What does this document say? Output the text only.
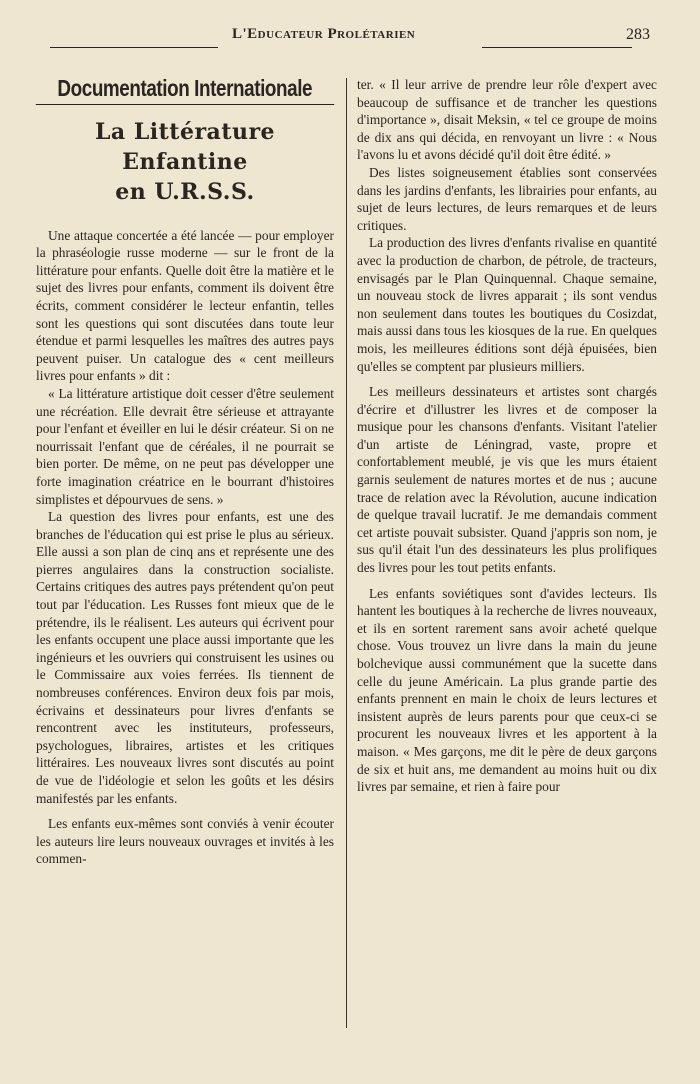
L'Educateur Prolétarien	283
Documentation Internationale
La Littérature Enfantine
en U.R.S.S.

Une attaque concertée a été lancée — pour employer la phraséologie russe moderne — sur le front de la littérature pour enfants. Quelle doit être la matière et le sujet des livres pour enfants, comment ils doivent être écrits, comment considérer le lecteur enfantin, telles sont les questions qui sont discutées dans toute leur étendue et parmi lesquelles les maîtres des autres pays peuvent puiser. Un catalogue des « cent meilleurs livres pour enfants » dit :

« La littérature artistique doit cesser d'être seulement une récréation. Elle devrait être sérieuse et attrayante pour l'enfant et éveiller en lui le désir créateur. Si on ne nourrissait l'enfant que de céréales, il ne pourrait se bien porter. De même, on ne peut pas développer une forte imagination créatrice en le bourrant d'histoires simplistes et dépourvues de sens. »

La question des livres pour enfants, est une des branches de l'éducation qui est prise le plus au sérieux. Elle aussi a son plan de cinq ans et représente une des pierres angulaires dans la construction socialiste. Certains critiques des autres pays prétendent qu'on peut tout par l'éducation. Les Russes font mieux que de le prétendre, ils le réalisent. Les auteurs qui écrivent pour les enfants occupent une place aussi importante que les ingénieurs et les ouvriers qui construisent les usines ou le Commissaire aux voies ferrées. Ils tiennent de nombreuses conférences. Environ deux fois par mois, écrivains et dessinateurs pour livres d'enfants se rencontrent avec les instituteurs, professeurs, psychologues, libraires, artistes et les critiques littéraires. Les nouveaux livres sont discutés au point de vue de l'idéologie et selon les goûts et les désirs manifestés par les enfants.

Les enfants eux-mêmes sont conviés à venir écouter les auteurs lire leurs nouveaux ouvrages et invités à les commen-

ter. « Il leur arrive de prendre leur rôle d'expert avec beaucoup de suffisance et de trancher les questions d'importance », disait Meksin, « tel ce groupe de moins de dix ans qui décida, en renvoyant un livre : « Nous l'avons lu et avons décidé qu'il doit être édité. »

Des listes soigneusement établies sont conservées dans les jardins d'enfants, les librairies pour enfants, au sujet de leurs lectures, de leurs remarques et de leurs critiques.

La production des livres d'enfants rivalise en quantité avec la production de charbon, de pétrole, de tracteurs, envisagés par le Plan Quinquennal. Chaque semaine, un nouveau stock de livres apparait ; ils sont vendus non seulement dans toutes les boutiques du Cosizdat, mais aussi dans tous les kiosques de la rue. En quelques mois, les meilleures éditions sont déjà épuisées, bien qu'elles se comptent par plusieurs milliers.

Les meilleurs dessinateurs et artistes sont chargés d'écrire et d'illustrer les livres et de composer la musique pour les chansons d'enfants. Visitant l'atelier d'un artiste de Léningrad, vaste, propre et confortablement meublé, je vis que les murs étaient garnis seulement de natures mortes et de nus ; aucune trace de relation avec la Révolution, aucune indication de quelque travail lucratif. Je me demandais comment cet artiste pouvait subsister. Quand j'appris son nom, je sus qu'il était l'un des dessinateurs les plus prolifiques des livres pour les tout petits enfants.

Les enfants soviétiques sont d'avides lecteurs. Ils hantent les boutiques à la recherche de livres nouveaux, et ils en sortent rarement sans avoir acheté quelque chose. Vous trouvez un livre dans la main du jeune bolchevique aussi communément que la sucette dans celle du jeune Américain. La plus grande partie des enfants prennent en main le choix de leurs lectures et insistent auprès de leurs parents pour que ceux-ci se procurent les nouveaux livres et les apportent à la maison. « Mes garçons, me dit le père de deux garçons de six et huit ans, me demandent au moins huit ou dix livres par semaine, et rien à faire pour
